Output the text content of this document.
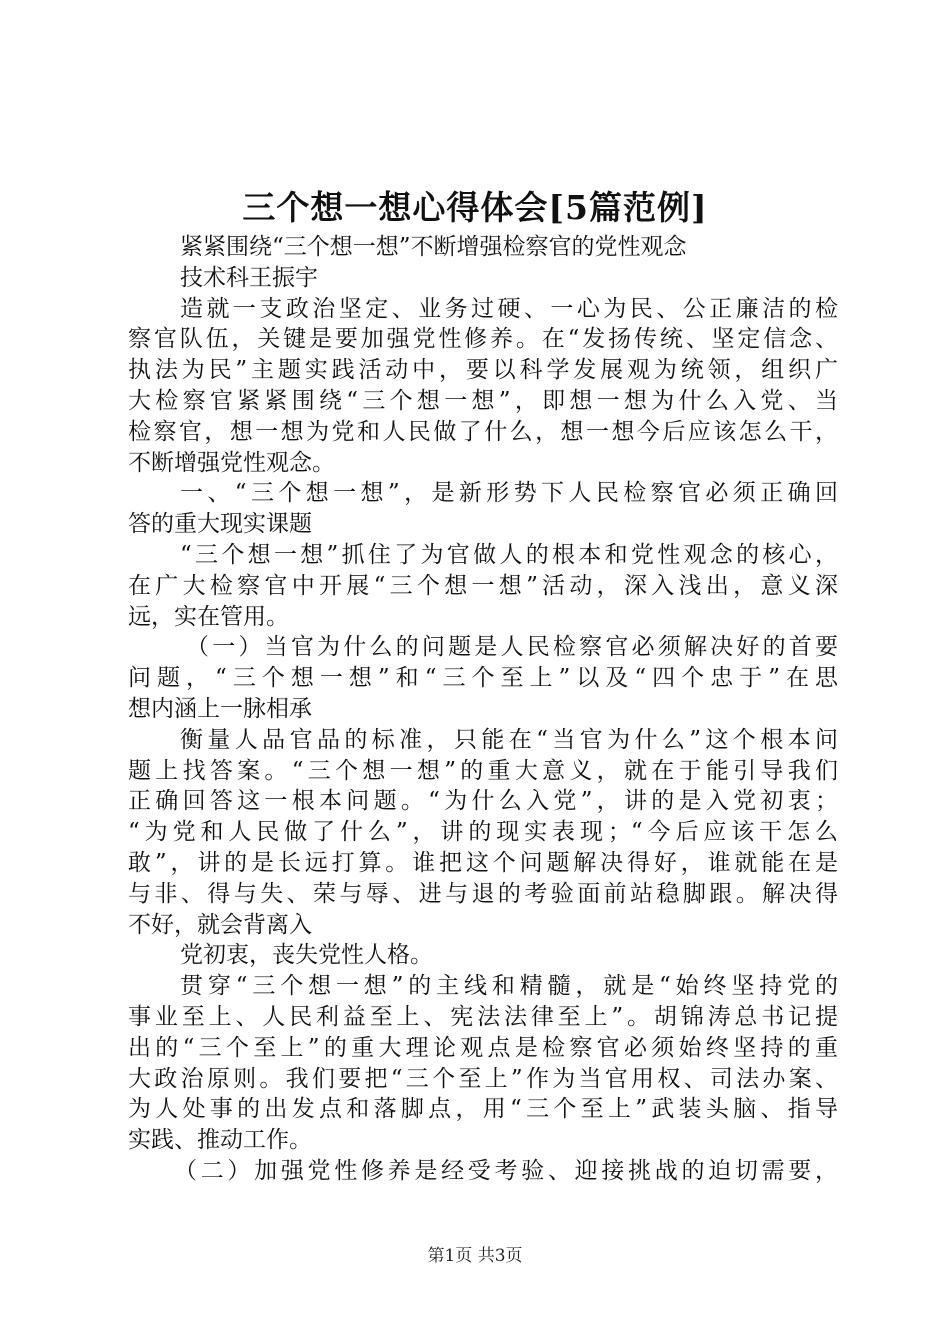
三个想一想心得体会[5篇范例]
紧紧围绕“三个想一想”不断增强检察官的党性观念
技术科王振宇
造就一支政治坚定、业务过硬、一心为民、公正廉洁的检
察官队伍，关键是要加强党性修养。在“发扬传统、坚定信念、
执法为民”主题实践活动中，要以科学发展观为统领，组织广
大检察官紧紧围绕“三个想一想”，即想一想为什么入党、当
检察官，想一想为党和人民做了什么，想一想今后应该怎么干，
不断增强党性观念。
一、“三个想一想”，是新形势下人民检察官必须正确回
答的重大现实课题
“三个想一想”抓住了为官做人的根本和党性观念的核心，
在广大检察官中开展“三个想一想”活动，深入浅出，意义深
远，实在管用。
（一）当官为什么的问题是人民检察官必须解决好的首要
问题，“三个想一想”和“三个至上”以及“四个忠于”在思
想内涵上一脉相承
衡量人品官品的标准，只能在“当官为什么”这个根本问
题上找答案。“三个想一想”的重大意义，就在于能引导我们
正确回答这一根本问题。“为什么入党”，讲的是入党初衷；
“为党和人民做了什么”，讲的现实表现；“今后应该干怎么
敢”，讲的是长远打算。谁把这个问题解决得好，谁就能在是
与非、得与失、荣与辱、进与退的考验面前站稳脚跟。解决得
不好，就会背离入
党初衷，丧失党性人格。
贯穿“三个想一想”的主线和精髓，就是“始终坚持党的
事业至上、人民利益至上、宪法法律至上”。胡锦涛总书记提
出的“三个至上”的重大理论观点是检察官必须始终坚持的重
大政治原则。我们要把“三个至上”作为当官用权、司法办案、
为人处事的出发点和落脚点，用“三个至上”武装头脑、指导
实践、推动工作。
（二）加强党性修养是经受考验、迎接挑战的迫切需要，
第1页 共3页
